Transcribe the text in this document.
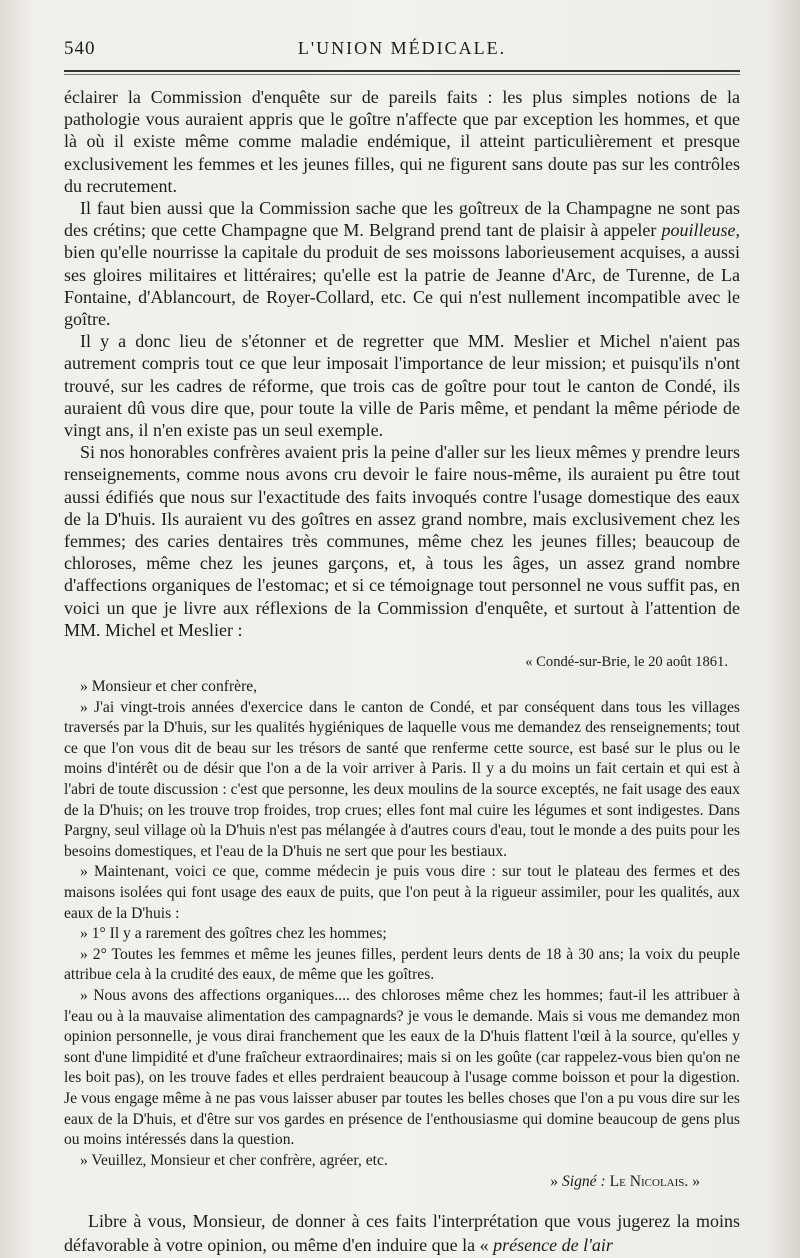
540	L'UNION MÉDICALE.

éclairer la Commission d'enquête sur de pareils faits : les plus simples notions de la pathologie vous auraient appris que le goître n'affecte que par exception les hommes, et que là où il existe même comme maladie endémique, il atteint particulièrement et presque exclusivement les femmes et les jeunes filles, qui ne figurent sans doute pas sur les contrôles du recrutement.

Il faut bien aussi que la Commission sache que les goîtreux de la Champagne ne sont pas des crétins; que cette Champagne que M. Belgrand prend tant de plaisir à appeler pouilleuse, bien qu'elle nourrisse la capitale du produit de ses moissons laborieusement acquises, a aussi ses gloires militaires et littéraires; qu'elle est la patrie de Jeanne d'Arc, de Turenne, de La Fontaine, d'Ablancourt, de Royer-Collard, etc. Ce qui n'est nullement incompatible avec le goître.

Il y a donc lieu de s'étonner et de regretter que MM. Meslier et Michel n'aient pas autrement compris tout ce que leur imposait l'importance de leur mission; et puisqu'ils n'ont trouvé, sur les cadres de réforme, que trois cas de goître pour tout le canton de Condé, ils auraient dû vous dire que, pour toute la ville de Paris même, et pendant la même période de vingt ans, il n'en existe pas un seul exemple.

Si nos honorables confrères avaient pris la peine d'aller sur les lieux mêmes y prendre leurs renseignements, comme nous avons cru devoir le faire nous-même, ils auraient pu être tout aussi édifiés que nous sur l'exactitude des faits invoqués contre l'usage domestique des eaux de la D'huis. Ils auraient vu des goîtres en assez grand nombre, mais exclusivement chez les femmes; des caries dentaires très communes, même chez les jeunes filles; beaucoup de chloroses, même chez les jeunes garçons, et, à tous les âges, un assez grand nombre d'affections organiques de l'estomac; et si ce témoignage tout personnel ne vous suffit pas, en voici un que je livre aux réflexions de la Commission d'enquête, et surtout à l'attention de MM. Michel et Meslier :

« Condé-sur-Brie, le 20 août 1861.

» Monsieur et cher confrère,

» J'ai vingt-trois années d'exercice dans le canton de Condé, et par conséquent dans tous les villages traversés par la D'huis, sur les qualités hygiéniques de laquelle vous me demandez des renseignements; tout ce que l'on vous dit de beau sur les trésors de santé que renferme cette source, est basé sur le plus ou le moins d'intérêt ou de désir que l'on a de la voir arriver à Paris. Il y a du moins un fait certain et qui est à l'abri de toute discussion : c'est que personne, les deux moulins de la source exceptés, ne fait usage des eaux de la D'huis; on les trouve trop froides, trop crues; elles font mal cuire les légumes et sont indigestes. Dans Pargny, seul village où la D'huis n'est pas mélangée à d'autres cours d'eau, tout le monde a des puits pour les besoins domestiques, et l'eau de la D'huis ne sert que pour les bestiaux.

» Maintenant, voici ce que, comme médecin je puis vous dire : sur tout le plateau des fermes et des maisons isolées qui font usage des eaux de puits, que l'on peut à la rigueur assimiler, pour les qualités, aux eaux de la D'huis :

» 1° Il y a rarement des goîtres chez les hommes;

» 2° Toutes les femmes et même les jeunes filles, perdent leurs dents de 18 à 30 ans; la voix du peuple attribue cela à la crudité des eaux, de même que les goîtres.

» Nous avons des affections organiques.... des chloroses même chez les hommes; faut-il les attribuer à l'eau ou à la mauvaise alimentation des campagnards? je vous le demande. Mais si vous me demandez mon opinion personnelle, je vous dirai franchement que les eaux de la D'huis flattent l'œil à la source, qu'elles y sont d'une limpidité et d'une fraîcheur extraordinaires; mais si on les goûte (car rappelez-vous bien qu'on ne les boit pas), on les trouve fades et elles perdraient beaucoup à l'usage comme boisson et pour la digestion. Je vous engage même à ne pas vous laisser abuser par toutes les belles choses que l'on a pu vous dire sur les eaux de la D'huis, et d'être sur vos gardes en présence de l'enthousiasme qui domine beaucoup de gens plus ou moins intéressés dans la question.

» Veuillez, Monsieur et cher confrère, agréer, etc.

» Signé : Le Nicolais. »

Libre à vous, Monsieur, de donner à ces faits l'interprétation que vous jugerez la moins défavorable à votre opinion, ou même d'en induire que la « présence de l'air
